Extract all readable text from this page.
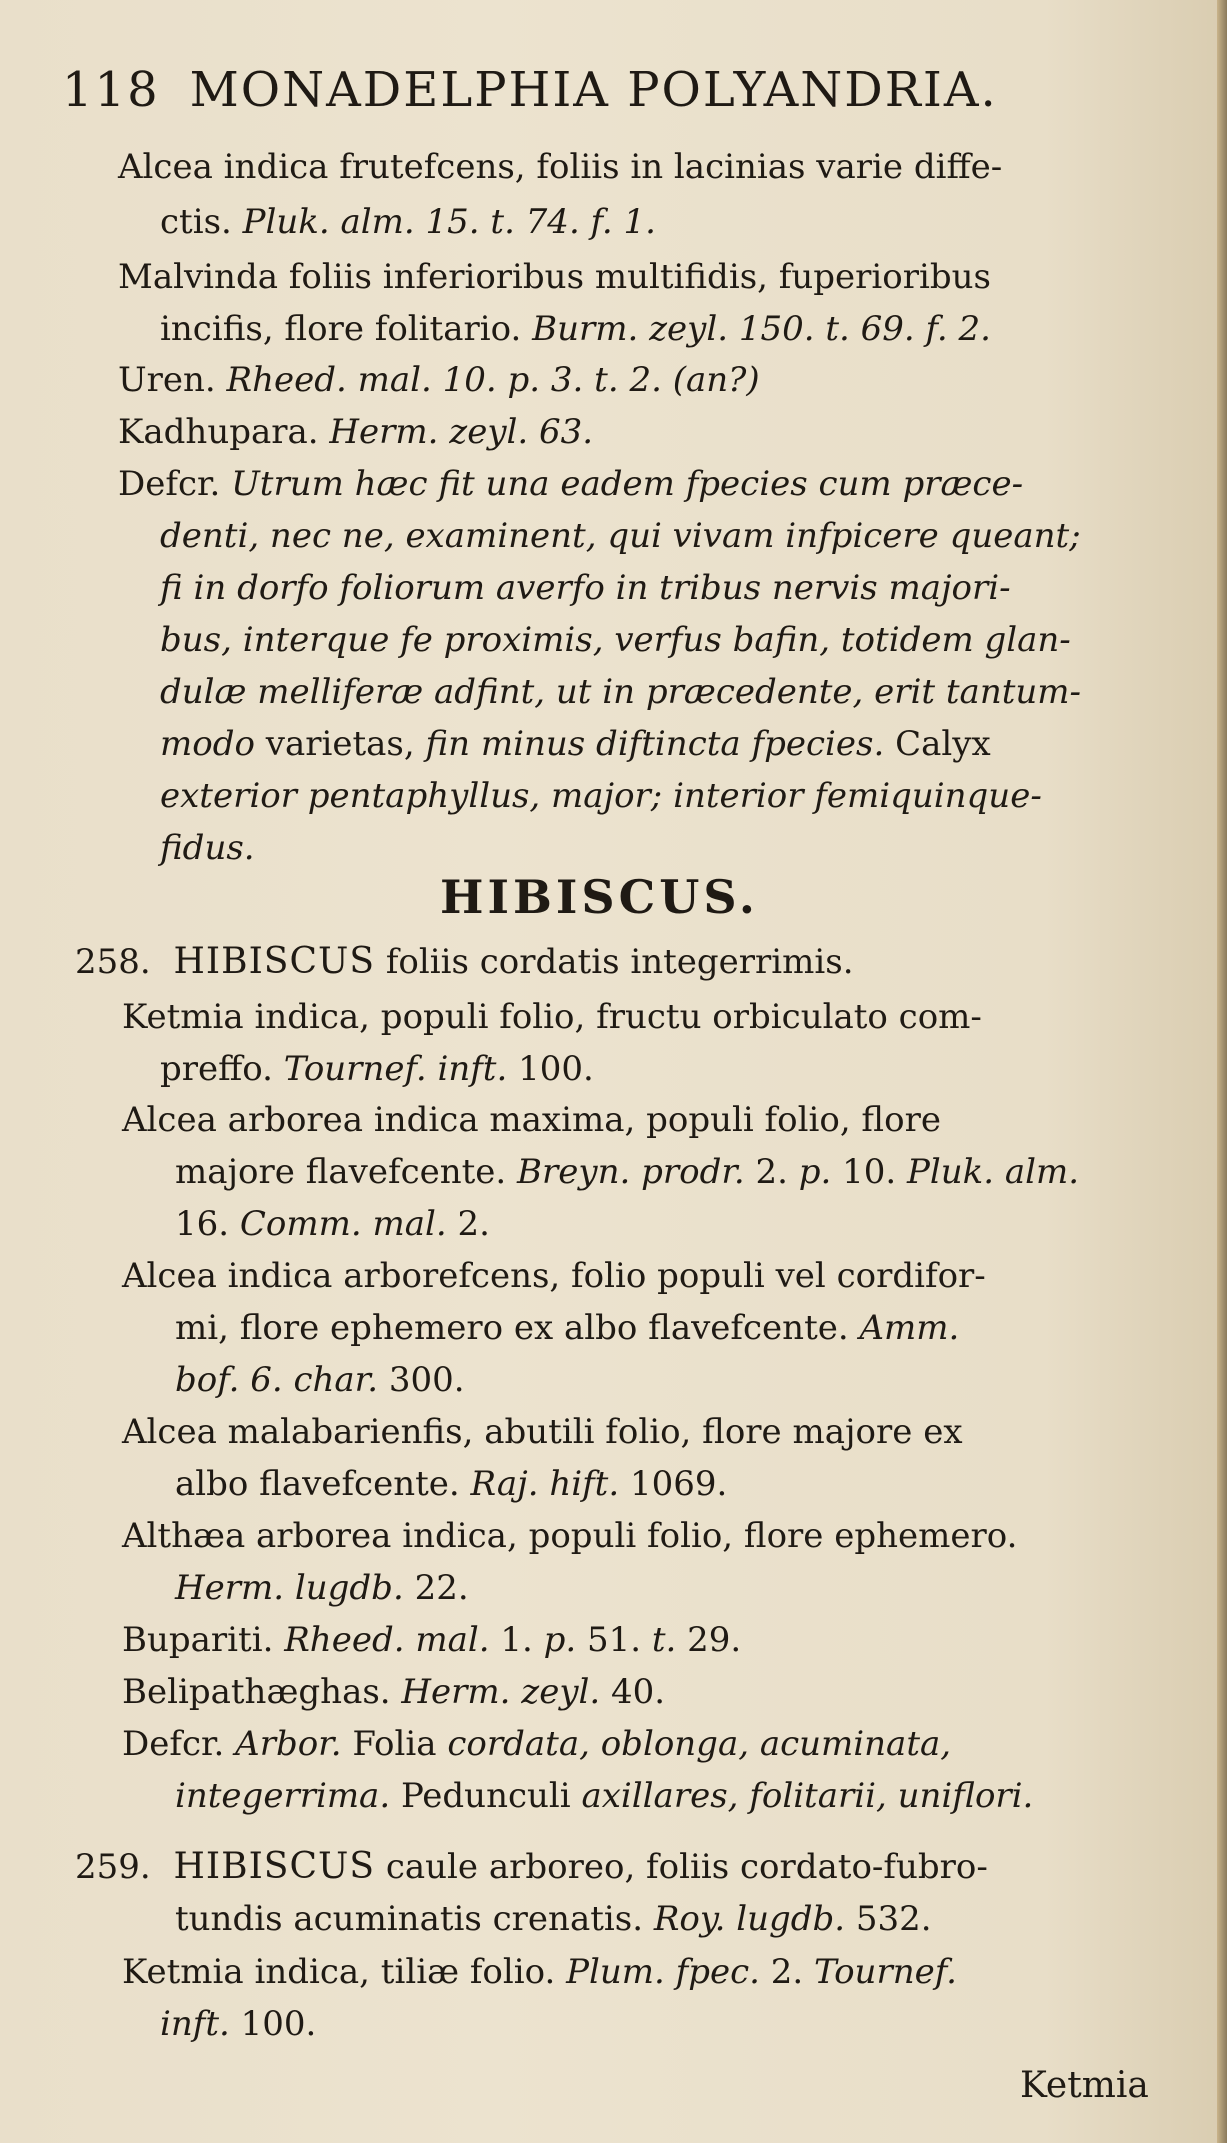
118 MONADELPHIA POLYANDRIA.
Alcea indica frutefcens, foliis in lacinias varie diffe-
ctis. Pluk. alm. 15. t. 74. f. 1.
Malvinda foliis inferioribus multifidis, fuperioribus
incifis, flore folitario. Burm. zeyl. 150. t. 69. f. 2.
Uren. Rheed. mal. 10. p. 3. t. 2. (an?)
Kadhupara. Herm. zeyl. 63.
Defcr. Utrum hæc fit una eadem fpecies cum præce-
denti, nec ne, examinent, qui vivam infpicere queant;
fi in dorfo foliorum averfo in tribus nervis majori-
bus, interque fe proximis, verfus bafin, totidem glan-
dulæ melliferæ adfint, ut in præcedente, erit tantum-
modo varietas, fin minus diftincta fpecies. Calyx
exterior pentaphyllus, major; interior femiquinque-
fidus.
258. HIBISCUS foliis cordatis integerrimis.
Ketmia indica, populi folio, fructu orbiculato com-
preffo. Tournef. inft. 100.
Alcea arborea indica maxima, populi folio, flore
majore flavefcente. Breyn. prodr. 2. p. 10. Pluk. alm.
16. Comm. mal. 2.
Alcea indica arborefcens, folio populi vel cordifor-
mi, flore ephemero ex albo flavefcente. Amm.
bof. 6. char. 300.
Alcea malabarienfis, abutili folio, flore majore ex
albo flavefcente. Raj. hift. 1069.
Althæa arborea indica, populi folio, flore ephemero.
Herm. lugdb. 22.
Bupariti. Rheed. mal. 1. p. 51. t. 29.
Belipathæghas. Herm. zeyl. 40.
Defcr. Arbor. Folia cordata, oblonga, acuminata,
integerrima. Pedunculi axillares, folitarii, uniflori.
259. HIBISCUS caule arboreo, foliis cordato-fubro-
tundis acuminatis crenatis. Roy. lugdb. 532.
Ketmia indica, tiliæ folio. Plum. fpec. 2. Tournef.
inft. 100.
HIBISCUS.
Ketmia
